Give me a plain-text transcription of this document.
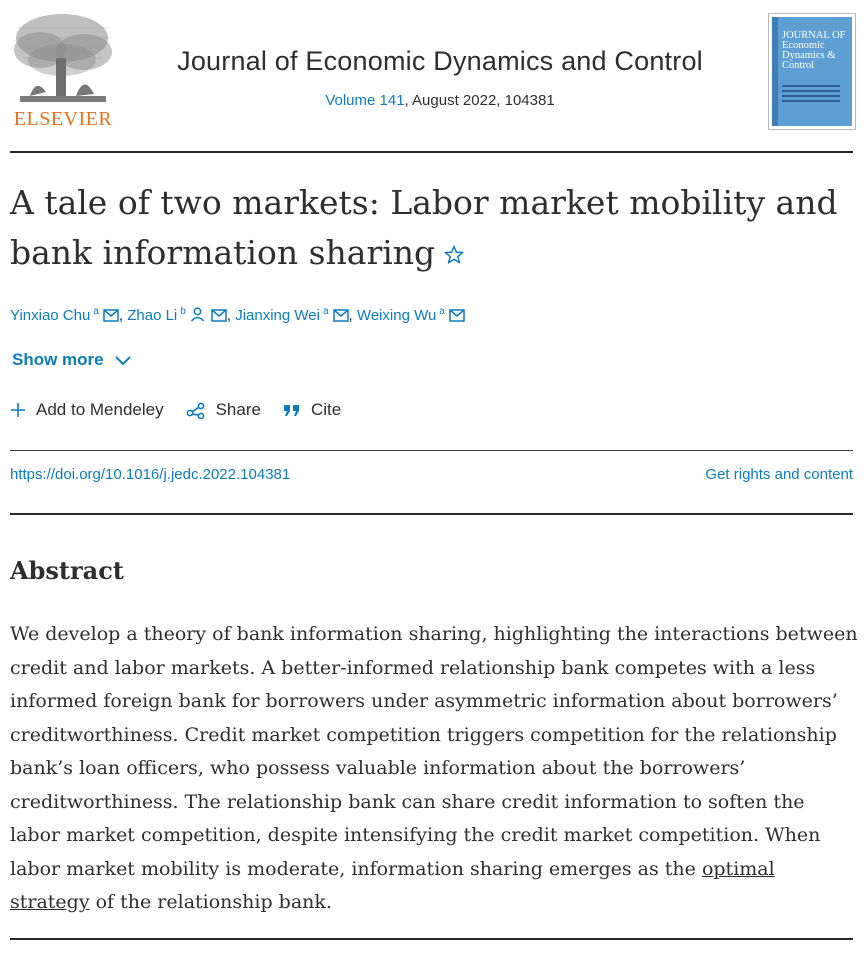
ELSEVIER
Journal of Economic Dynamics and Control
Volume 141, August 2022, 104381
JOURNAL OF Economic Dynamics & Control
A tale of two markets: Labor market mobility and bank information sharing
Yinxiao Chu $^a$ , Zhao Li $^b$	, Jianxing Wei $^a$ , Weixing Wu $^a$
Show more
Add to Mendeley	Share	Cite
https://doi.org/10.1016/j.jedc.2022.104381	Get rights and content
Abstract

We develop a theory of bank information sharing, highlighting the interactions between credit and labor markets. A better-informed relationship bank competes with a less informed foreign bank for borrowers under asymmetric information about borrowers’ creditworthiness. Credit market competition triggers competition for the relationship bank’s loan officers, who possess valuable information about the borrowers’ creditworthiness. The relationship bank can share credit information to soften the labor market competition, despite intensifying the credit market competition. When labor market mobility is moderate, information sharing emerges as the optimal strategy of the relationship bank.
